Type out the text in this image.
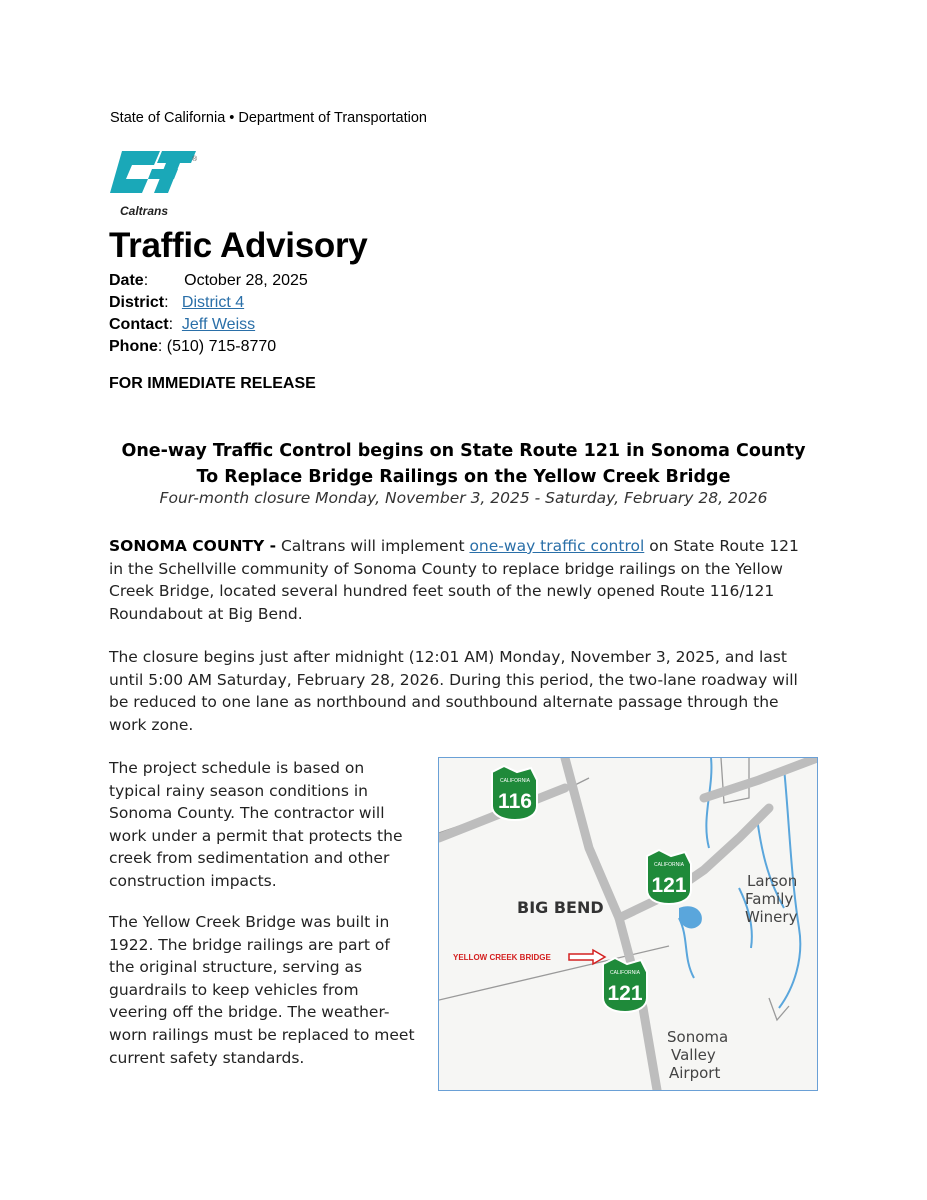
State of California • Department of Transportation
Caltrans
®
Traffic Advisory
Date: October 28, 2025
District:   District 4
Contact:  Jeff Weiss
Phone: (510) 715-8770
FOR IMMEDIATE RELEASE
One-way Traffic Control begins on State Route 121 in Sonoma County
To Replace Bridge Railings on the Yellow Creek Bridge
Four-month closure Monday, November 3, 2025 - Saturday, February 28, 2026
SONOMA COUNTY - Caltrans will implement one-way traffic control on State Route 121 in the Schellville community of Sonoma County to replace bridge railings on the Yellow Creek Bridge, located several hundred feet south of the newly opened Route 116/121 Roundabout at Big Bend.
The closure begins just after midnight (12:01 AM) Monday, November 3, 2025, and last until 5:00 AM Saturday, February 28, 2026. During this period, the two-lane roadway will be reduced to one lane as northbound and southbound alternate passage through the work zone.
The project schedule is based on typical rainy season conditions in Sonoma County. The contractor will work under a permit that protects the creek from sedimentation and other construction impacts.
The Yellow Creek Bridge was built in 1922. The bridge railings are part of the original structure, serving as guardrails to keep vehicles from veering off the bridge. The weather-worn railings must be replaced to meet current safety standards.
CALIFORNIA
116
CALIFORNIA
121
CALIFORNIA
121
BIG BEND
YELLOW CREEK BRIDGE
Larson
Family
Winery
Sonoma
Valley
Airport
